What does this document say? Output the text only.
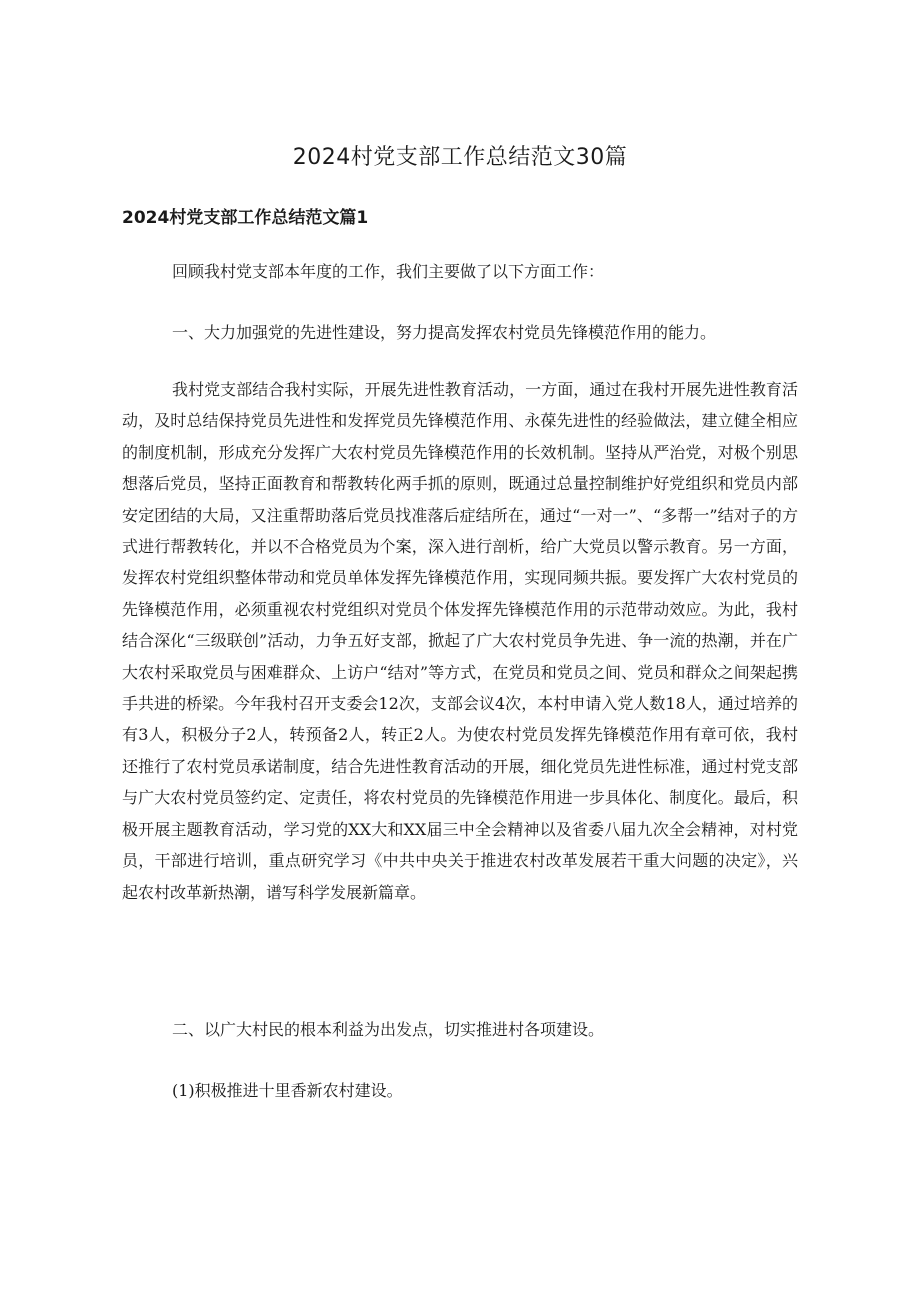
2024村党支部工作总结范文30篇
2024村党支部工作总结范文篇1

回顾我村党支部本年度的工作，我们主要做了以下方面工作：

一、大力加强党的先进性建设，努力提高发挥农村党员先锋模范作用的能力。

我村党支部结合我村实际，开展先进性教育活动，一方面，通过在我村开展先进性教育活动，及时总结保持党员先进性和发挥党员先锋模范作用、永葆先进性的经验做法，建立健全相应的制度机制，形成充分发挥广大农村党员先锋模范作用的长效机制。坚持从严治党，对极个别思想落后党员，坚持正面教育和帮教转化两手抓的原则，既通过总量控制维护好党组织和党员内部安定团结的大局，又注重帮助落后党员找准落后症结所在，通过“一对一”、“多帮一”结对子的方式进行帮教转化，并以不合格党员为个案，深入进行剖析，给广大党员以警示教育。另一方面，发挥农村党组织整体带动和党员单体发挥先锋模范作用，实现同频共振。要发挥广大农村党员的先锋模范作用，必须重视农村党组织对党员个体发挥先锋模范作用的示范带动效应。为此，我村结合深化“三级联创”活动，力争五好支部，掀起了广大农村党员争先进、争一流的热潮，并在广大农村采取党员与困难群众、上访户“结对”等方式，在党员和党员之间、党员和群众之间架起携手共进的桥梁。今年我村召开支委会12次，支部会议4次，本村申请入党人数18人，通过培养的有3人，积极分子2人，转预备2人，转正2人。为使农村党员发挥先锋模范作用有章可依，我村还推行了农村党员承诺制度，结合先进性教育活动的开展，细化党员先进性标准，通过村党支部与广大农村党员签约定、定责任，将农村党员的先锋模范作用进一步具体化、制度化。最后，积极开展主题教育活动，学习党的XX大和XX届三中全会精神以及省委八届九次全会精神，对村党员，干部进行培训，重点研究学习《中共中央关于推进农村改革发展若干重大问题的决定》，兴起农村改革新热潮，谱写科学发展新篇章。

二、以广大村民的根本利益为出发点，切实推进村各项建设。

(1)积极推进十里香新农村建设。
